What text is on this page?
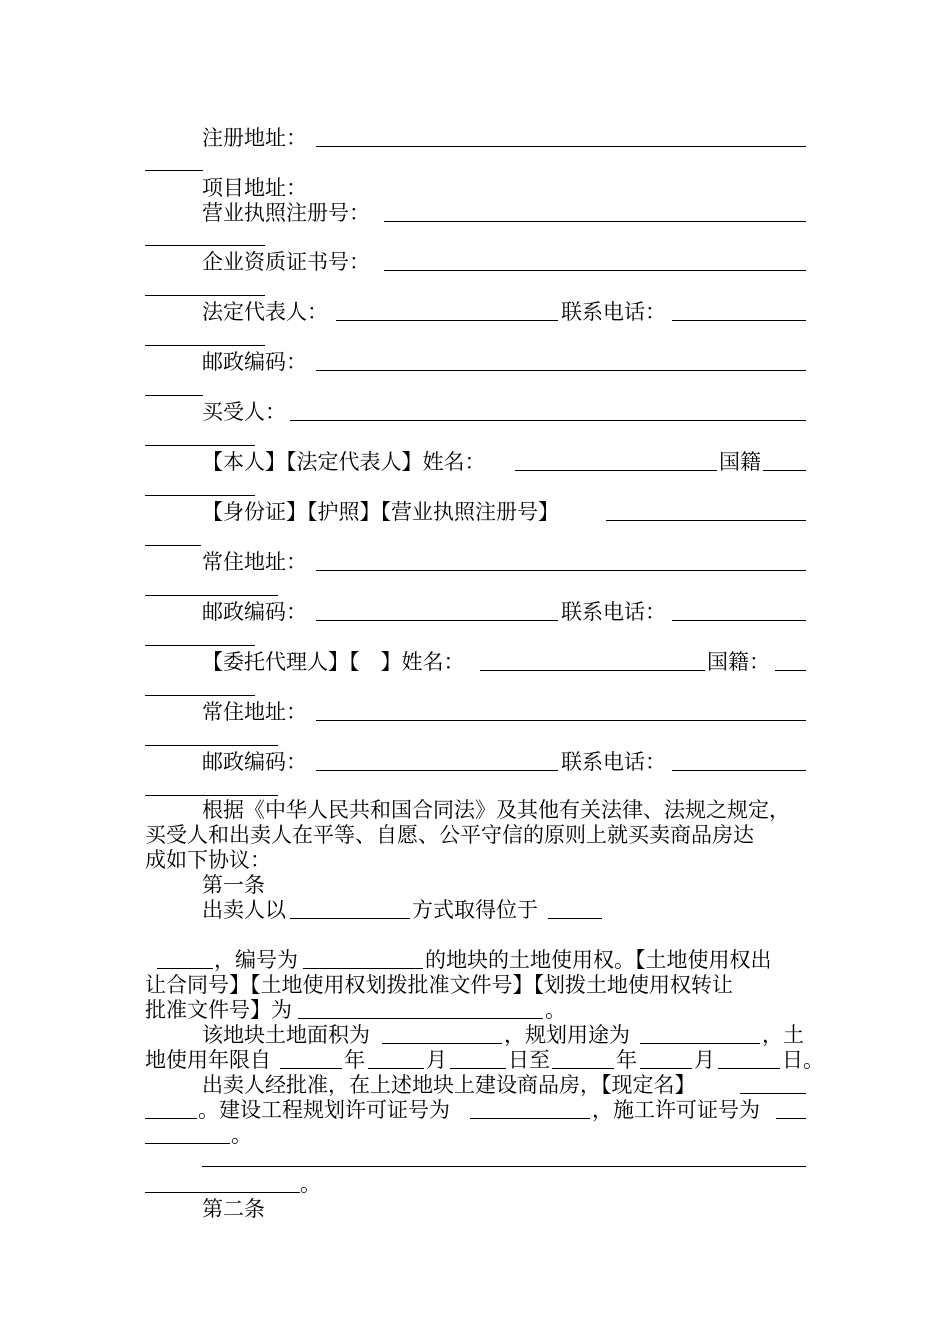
注册地址：
项目地址：
营业执照注册号：
企业资质证书号：
法定代表人：	联系电话：
邮政编码：
买受人：
【本人】【法定代表人】姓名：	国籍
【身份证】【护照】【营业执照注册号】
常住地址：
邮政编码：	联系电话：
【委托代理人】【　】姓名：	国籍：
常住地址：
邮政编码：	联系电话：
根据《中华人民共和国合同法》及其他有关法律、法规之规定，
买受人和出卖人在平等、自愿、公平守信的原则上就买卖商品房达
成如下协议：
第一条
出卖人以	方式取得位于
，编号为	的地块的土地使用权。【土地使用权出
让合同号】【土地使用权划拨批准文件号】【划拨土地使用权转让
批准文件号】为	。
该地块土地面积为	，规划用途为	，土
地使用年限自	年	月	日至	年	月	日。
出卖人经批准，在上述地块上建设商品房，【现定名】
。建设工程规划许可证号为	，施工许可证号为
。
。
第二条
